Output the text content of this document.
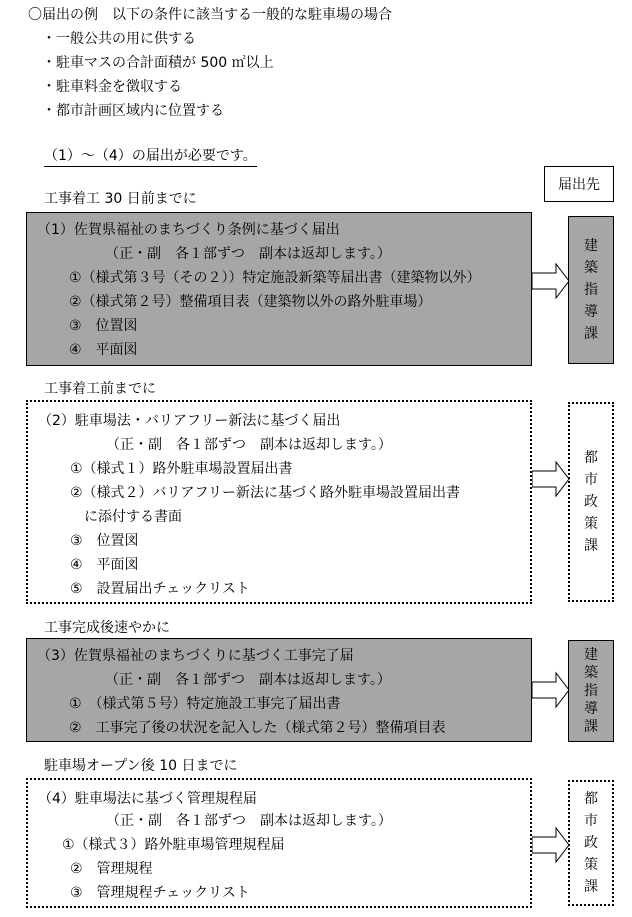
〇届出の例　以下の条件に該当する一般的な駐車場の場合
・一般公共の用に供する
・駐車マスの合計面積が 500 ㎡以上
・駐車料金を徴収する
・都市計画区域内に位置する
（1）～（4）の届出が必要です。
届出先
工事着工 30 日前までに
（1）佐賀県福祉のまちづくり条例に基づく届出
（正・副　各１部ずつ　副本は返却します。）
①（様式第３号（その２））特定施設新築等届出書（建築物以外）
②（様式第２号）整備項目表（建築物以外の路外駐車場）
③　位置図
④　平面図
建
築
指
導
課
工事着工前までに
（2）駐車場法・バリアフリー新法に基づく届出
（正・副　各１部ずつ　副本は返却します。）
①（様式１）路外駐車場設置届出書
②（様式２）バリアフリー新法に基づく路外駐車場設置届出書
に添付する書面
③　位置図
④　平面図
⑤　設置届出チェックリスト
都
市
政
策
課
工事完成後速やかに
（3）佐賀県福祉のまちづくりに基づく工事完了届
（正・副　各１部ずつ　副本は返却します。）
①　（様式第５号）特定施設工事完了届出書
②　工事完了後の状況を記入した（様式第２号）整備項目表
建
築
指
導
課
駐車場オープン後 10 日までに
（4）駐車場法に基づく管理規程届
（正・副　各１部ずつ　副本は返却します。）
①（様式３）路外駐車場管理規程届
②　管理規程
③　管理規程チェックリスト
都
市
政
策
課
